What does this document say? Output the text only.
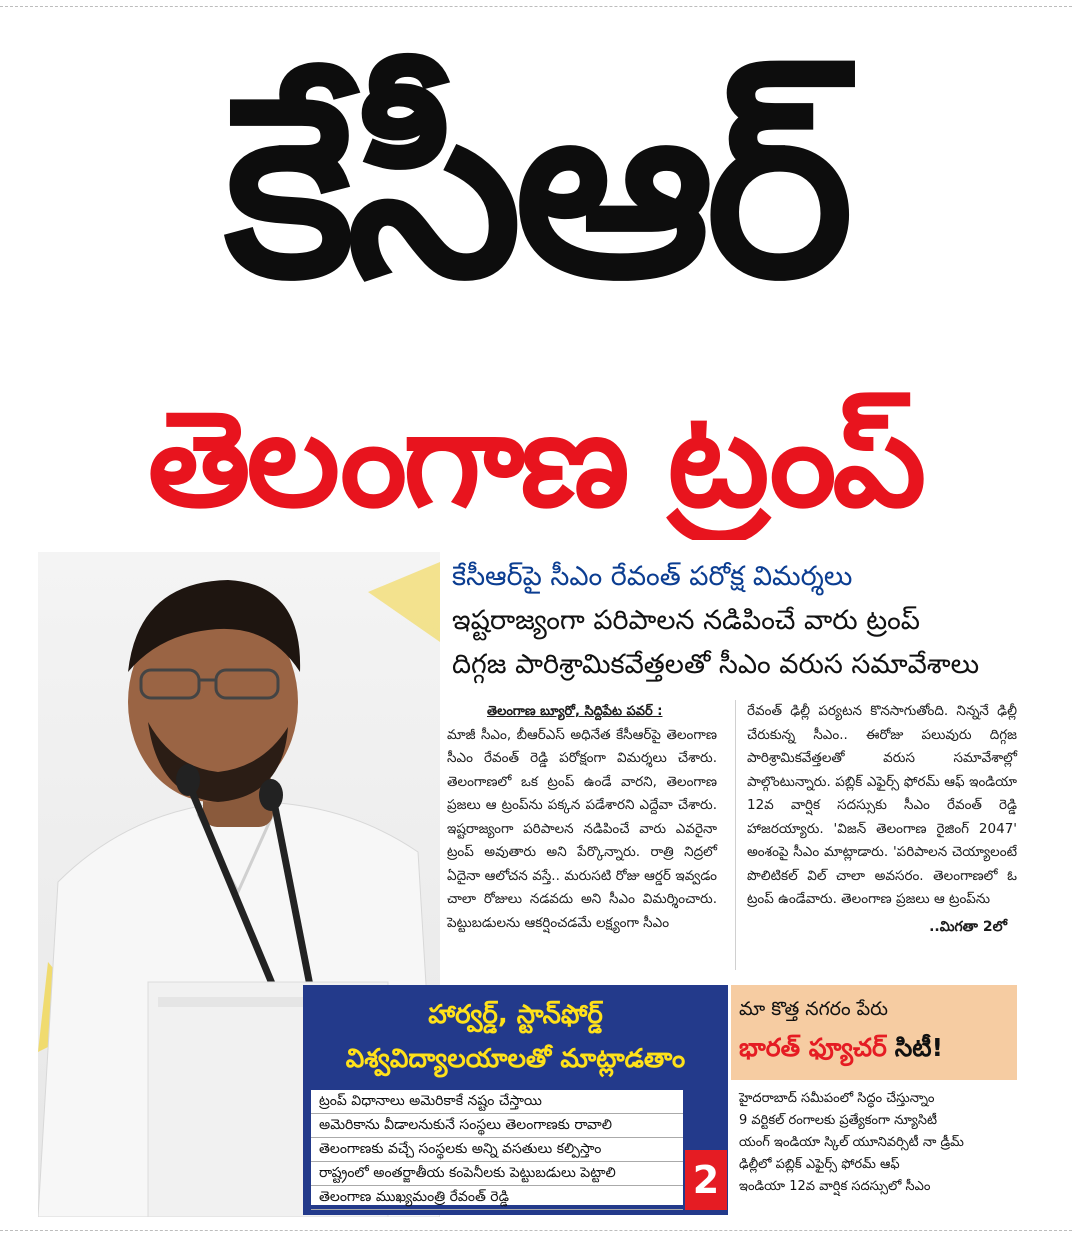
కేసీఆర్
తెలంగాణ ట్రంప్
కేసీఆర్‌పై సీఎం రేవంత్ పరోక్ష విమర్శలు
ఇష్టరాజ్యంగా పరిపాలన నడిపించే వారు ట్రంప్
దిగ్గజ పారిశ్రామికవేత్తలతో సీఎం వరుస సమావేశాలు
తెలంగాణ బ్యూరో, సిద్దిపేట పవర్ :
మాజీ సీఎం, బీఆర్ఎస్ అధినేత కేసీఆర్‌పై తెలంగాణ సీఎం రేవంత్ రెడ్డి పరోక్షంగా విమర్శలు చేశారు. తెలంగాణలో ఒక ట్రంప్ ఉండే వారని, తెలంగాణ ప్రజలు ఆ ట్రంప్‌ను పక్కన పడేశారని ఎద్దేవా చేశారు. ఇష్టరాజ్యంగా పరిపాలన నడిపించే వారు ఎవరైనా ట్రంప్ అవుతారు అని పేర్కొన్నారు. రాత్రి నిద్రలో ఏదైనా ఆలోచన వస్తే.. మరుసటి రోజు ఆర్డర్ ఇవ్వడం చాలా రోజులు నడవదు అని సీఎం విమర్శించారు. పెట్టుబడులను ఆకర్షించడమే లక్ష్యంగా సీఎం
రేవంత్ ఢిల్లీ పర్యటన కొనసాగుతోంది. నిన్ననే ఢిల్లీ చేరుకున్న సీఎం.. ఈరోజు పలువురు దిగ్గజ పారిశ్రామికవేత్తలతో వరుస సమావేశాల్లో పాల్గొంటున్నారు. పబ్లిక్ ఎఫైర్స్ ఫోరమ్ ఆఫ్ ఇండియా 12వ వార్షిక సదస్సుకు సీఎం రేవంత్ రెడ్డి హాజరయ్యారు. 'విజన్ తెలంగాణ రైజింగ్ 2047' అంశంపై సీఎం మాట్లాడారు. 'పరిపాలన చెయ్యాలంటే పొలిటికల్ విల్ చాలా అవసరం. తెలంగాణలో ఓ ట్రంప్ ఉండేవారు. తెలంగాణ ప్రజలు ఆ ట్రంప్‌ను
..మిగతా 2లో
హార్వర్డ్, స్టాన్‌ఫోర్డ్
విశ్వవిద్యాలయాలతో మాట్లాడతాం
ట్రంప్ విధానాలు అమెరికాకే నష్టం చేస్తాయి
అమెరికాను వీడాలనుకునే సంస్థలు తెలంగాణకు రావాలి
తెలంగాణకు వచ్చే సంస్థలకు అన్ని వసతులు కల్పిస్తాం
రాష్ట్రంలో అంతర్జాతీయ కంపెనీలకు పెట్టుబడులు పెట్టాలి
తెలంగాణ ముఖ్యమంత్రి రేవంత్ రెడ్డి	2
మా కొత్త నగరం పేరు
భారత్ ఫ్యూచర్ సిటీ!
హైదరాబాద్ సమీపంలో సిద్ధం చేస్తున్నాం
9 వర్టికల్ రంగాలకు ప్రత్యేకంగా న్యూసిటీ
యంగ్ ఇండియా స్కిల్ యూనివర్సిటీ నా డ్రీమ్
ఢిల్లీలో పబ్లిక్ ఎఫైర్స్ ఫోరమ్ ఆఫ్
ఇండియా 12వ వార్షిక సదస్సులో సీఎం
